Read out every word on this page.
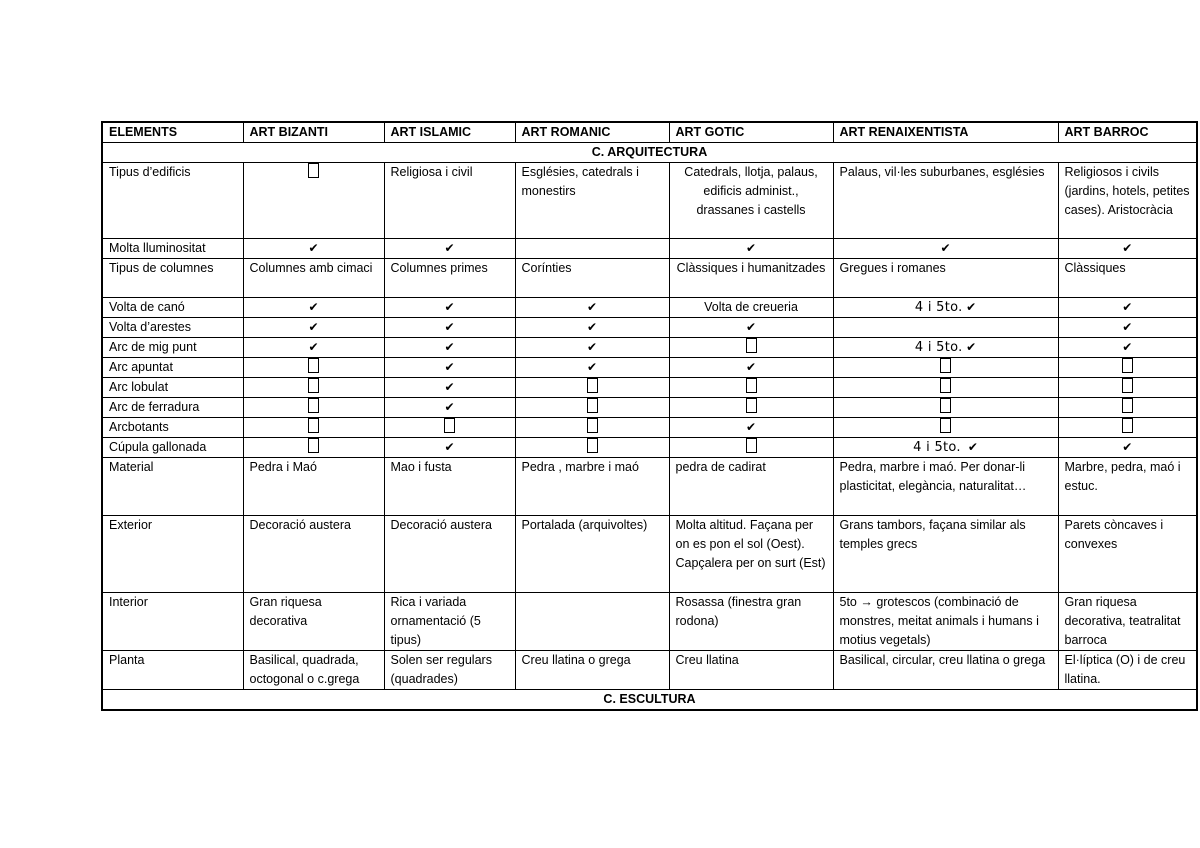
ELEMENTS	ART BIZANTI	ART ISLAMIC	ART ROMANIC	ART GOTIC	ART RENAIXENTISTA	ART BARROC
C. ARQUITECTURA						
Tipus d’edificis		Religiosa i civil	Esglésies, catedrals i monestirs	Catedrals, llotja, palaus, edificis administ., drassanes i castells	Palaus, vil·les suburbanes, esglésies	Religiosos i civils (jardins, hotels, petites cases). Aristocràcia
Molta lluminositat	✔	✔		✔	✔	✔
Tipus de columnes	Columnes amb cimaci	Columnes primes	Corínties	Clàssiques i humanitzades	Gregues i romanes	Clàssiques
Volta de canó	✔	✔	✔	Volta de creueria	4 i 5to. ✔	✔
Volta d’arestes	✔	✔	✔	✔		✔
Arc de mig punt	✔	✔	✔		4 i 5to. ✔	✔
Arc apuntat		✔	✔	✔		
Arc lobulat		✔				
Arc de ferradura		✔				
Arcbotants				✔		
Cúpula gallonada		✔			4 i 5to. ✔	✔
Material	Pedra i Maó	Mao i fusta	Pedra , marbre i maó	pedra de cadirat	Pedra, marbre i maó. Per donar-li plasticitat, elegància, naturalitat…	Marbre, pedra, maó i estuc.
Exterior	Decoració austera	Decoració austera	Portalada (arquivoltes)	Molta altitud. Façana per on es pon el sol (Oest). Capçalera per on surt (Est)	Grans tambors, façana similar als temples grecs	Parets còncaves i convexes
Interior	Gran riquesa decorativa	Rica i variada ornamentació (5 tipus)		Rosassa (finestra gran rodona)	5to → grotescos (combinació de monstres, meitat animals i humans i motius vegetals)	Gran riquesa decorativa, teatralitat barroca
Planta	Basilical, quadrada, octogonal o c.grega	Solen ser regulars (quadrades)	Creu llatina o grega	Creu llatina	Basilical, circular, creu llatina o grega	El·líptica (O) i de creu llatina.
C. ESCULTURA						
